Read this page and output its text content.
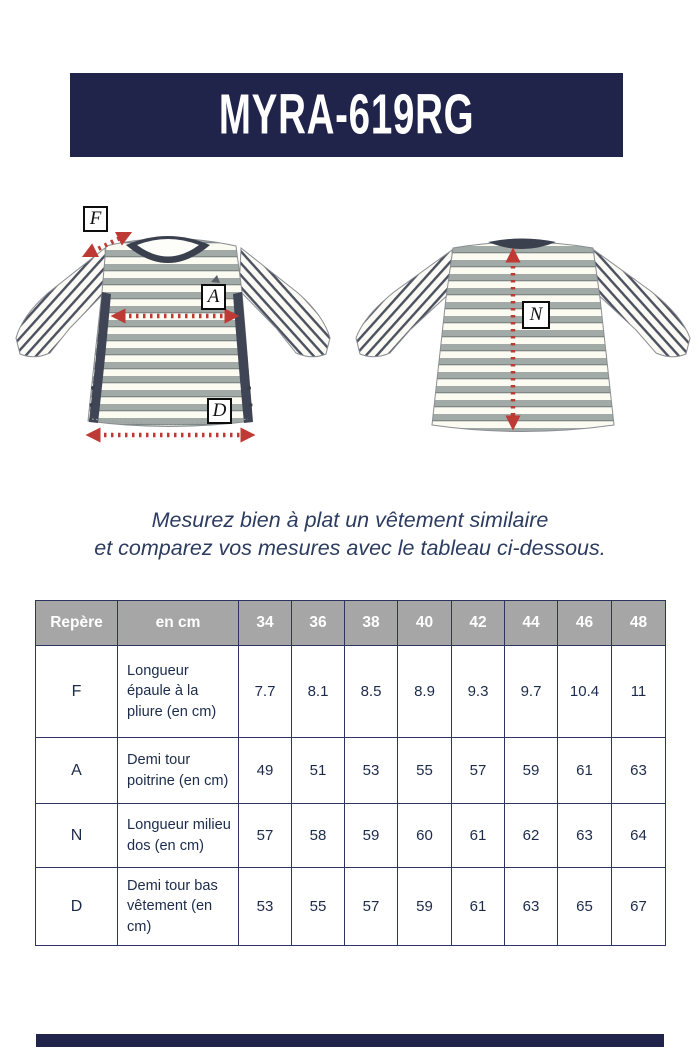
MYRA-619RG
F
A
D
N
Mesurez bien à plat un vêtement similaire
et comparez vos mesures avec le tableau ci-dessous.
Repère	en cm	34	36	38	40	42	44	46	48
F	Longueur épaule à la pliure (en cm)	7.7	8.1	8.5	8.9	9.3	9.7	10.4	11
A	Demi tour poitrine (en cm)	49	51	53	55	57	59	61	63
N	Longueur milieu dos (en cm)	57	58	59	60	61	62	63	64
D	Demi tour bas vêtement (en cm)	53	55	57	59	61	63	65	67
